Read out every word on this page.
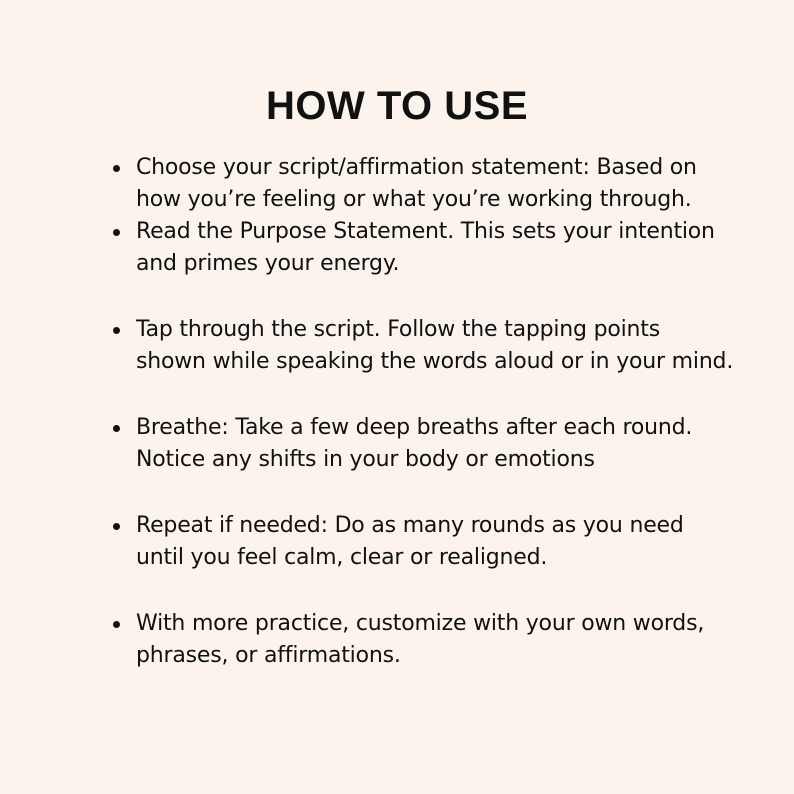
HOW TO USE
Choose your script/affirmation statement: Based on how you’re feeling or what you’re working through.
Read the Purpose Statement. This sets your intention and primes your energy.
Tap through the script. Follow the tapping points shown while speaking the words aloud or in your mind.
Breathe: Take a few deep breaths after each round. Notice any shifts in your body or emotions
Repeat if needed: Do as many rounds as you need until you feel calm, clear or realigned.
With more practice, customize with your own words, phrases, or affirmations.
